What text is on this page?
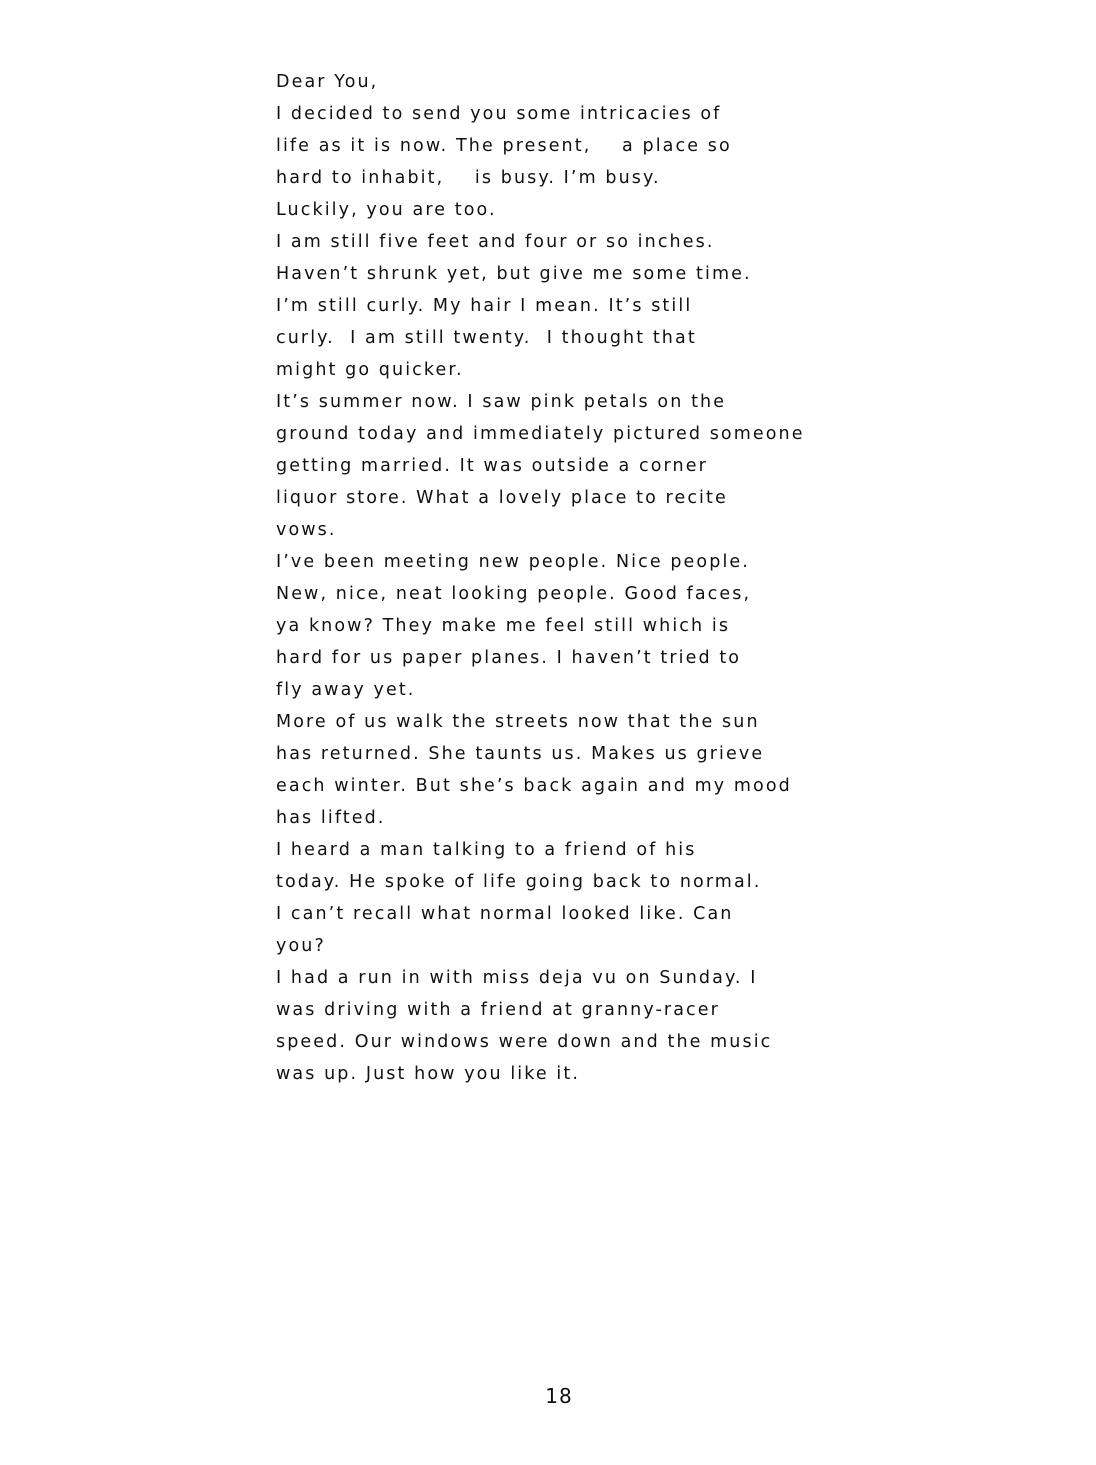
Dear You,
I decided to send you some intricacies of
life as it is now. The present,    a place so
hard to inhabit,    is busy. I’m busy.
Luckily, you are too.
I am still five feet and four or so inches.
Haven’t shrunk yet, but give me some time.
I’m still curly. My hair I mean. It’s still
curly.  I am still twenty.  I thought that
might go quicker.
It’s summer now. I saw pink petals on the
ground today and immediately pictured someone
getting married. It was outside a corner
liquor store. What a lovely place to recite
vows.
I’ve been meeting new people. Nice people.
New, nice, neat looking people. Good faces,
ya know? They make me feel still which is
hard for us paper planes. I haven’t tried to
fly away yet.
More of us walk the streets now that the sun
has returned. She taunts us. Makes us grieve
each winter. But she’s back again and my mood
has lifted.
I heard a man talking to a friend of his
today. He spoke of life going back to normal.
I can’t recall what normal looked like. Can
you?
I had a run in with miss deja vu on Sunday. I
was driving with a friend at granny-racer
speed. Our windows were down and the music
was up. Just how you like it.
18
